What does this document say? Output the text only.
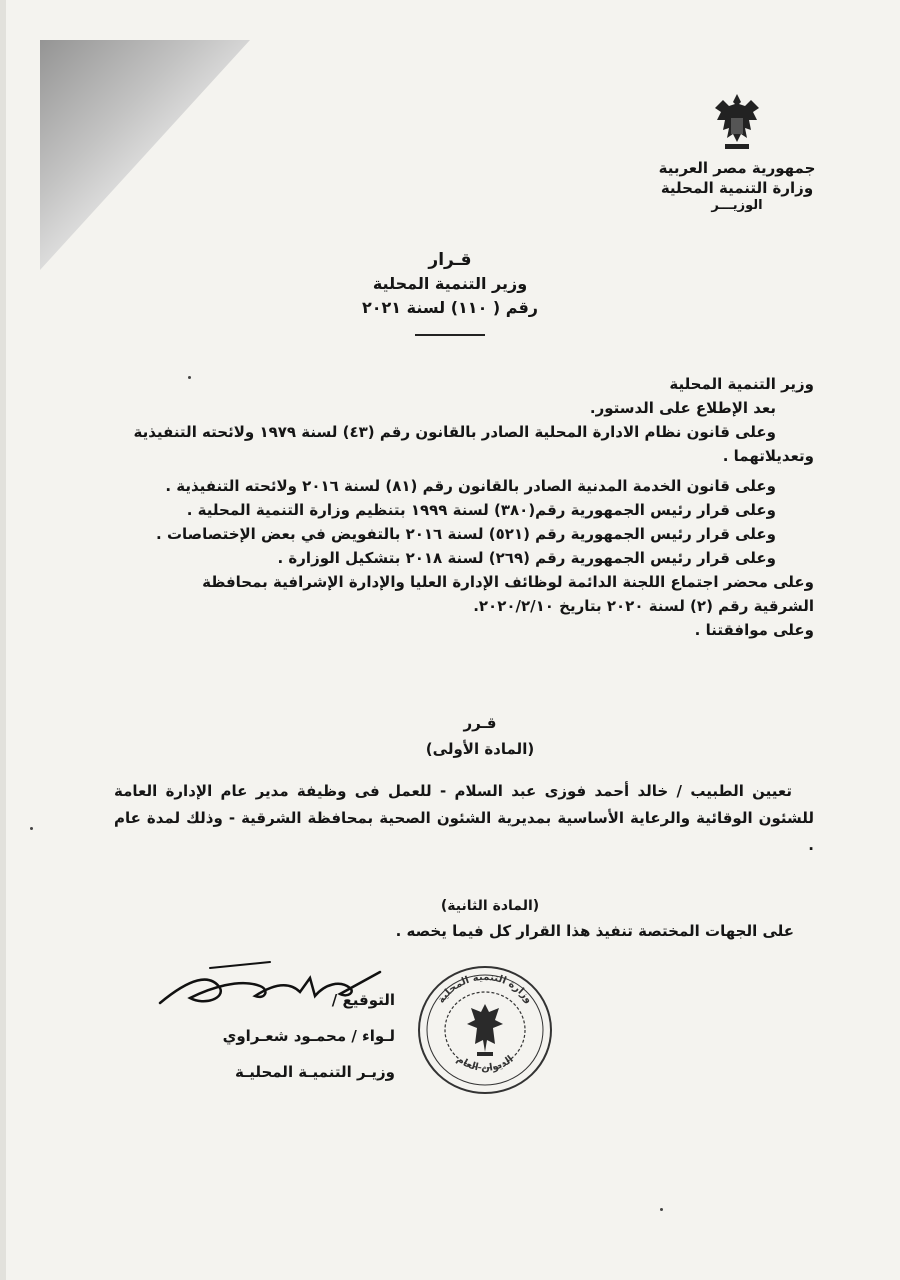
جمهورية مصر العربية
وزارة التنمية المحلية
الوزيـــر
قـرار
وزير التنمية المحلية
رقم ( ١١٠) لسنة ٢٠٢١
وزير التنمية المحلية
بعد الإطلاع على الدستور.
وعلى قانون نظام الادارة المحلية الصادر بالقانون رقم (٤٣) لسنة ١٩٧٩ ولائحته التنفيذية
وتعديلاتهما .
وعلى قانون الخدمة المدنية الصادر بالقانون رقم (٨١) لسنة ٢٠١٦ ولائحته التنفيذية .
وعلى قرار رئيس الجمهورية رقم(٣٨٠) لسنة ١٩٩٩ بتنظيم وزارة التنمية المحلية .
وعلى قرار رئيس الجمهورية رقم (٥٢١) لسنة ٢٠١٦ بالتفويض في بعض الإختصاصات .
وعلى قرار رئيس الجمهورية رقم (٢٦٩) لسنة ٢٠١٨ بتشكيل الوزارة .
وعلى محضر اجتماع اللجنة الدائمة لوظائف الإدارة العليا والإدارة الإشرافية بمحافظة
الشرقية رقم (٢) لسنة ٢٠٢٠ بتاريخ ٢٠٢٠/٢/١٠.
وعلى موافقتنا .
قـرر
(المادة الأولى)
تعيين الطبيب / خالد أحمد فوزى عبد السلام - للعمل فى وظيفة مدير عام الإدارة العامة للشئون الوقائية والرعاية الأساسية بمديرية الشئون الصحية بمحافظة الشرقية - وذلك لمدة عام .
(المادة الثانية)
على الجهات المختصة تنفيذ هذا القرار كل فيما يخصه .
التوقيع /
لـواء / محمـود شعـراوي
وزيـر التنميـة المحليـة
وزارة التنمية المحلية
الديوان العام
